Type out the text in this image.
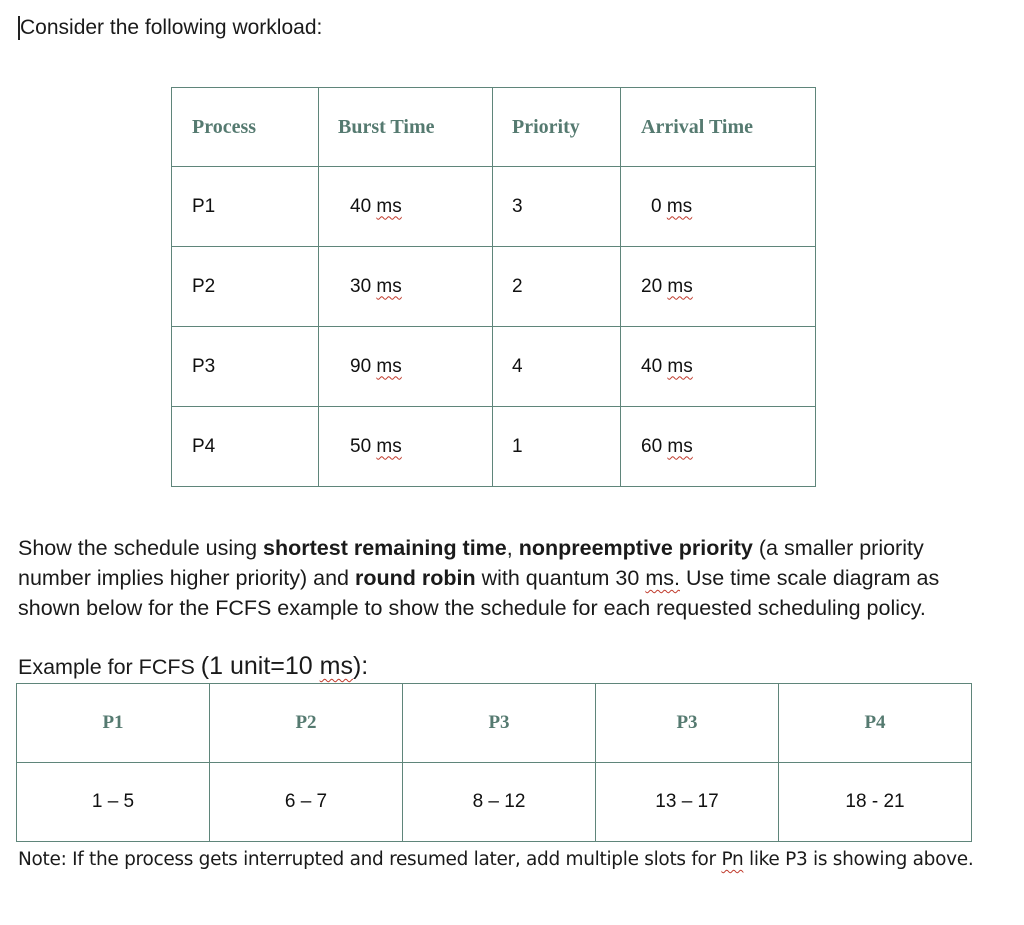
Consider the following workload:

Process	Burst Time	Priority	Arrival Time
P1	40 ms	3	0 ms
P2	30 ms	2	20 ms
P3	90 ms	4	40 ms
P4	50 ms	1	60 ms

Show the schedule using shortest remaining time, nonpreemptive priority (a smaller priority number implies higher priority) and round robin with quantum 30 ms. Use time scale diagram as shown below for the FCFS example to show the schedule for each requested scheduling policy.

Example for FCFS (1 unit=10 ms):

P1	P2	P3	P3	P4
1 – 5	6 – 7	8 – 12	13 – 17	18 - 21

Note: If the process gets interrupted and resumed later, add multiple slots for Pn like P3 is showing above.
